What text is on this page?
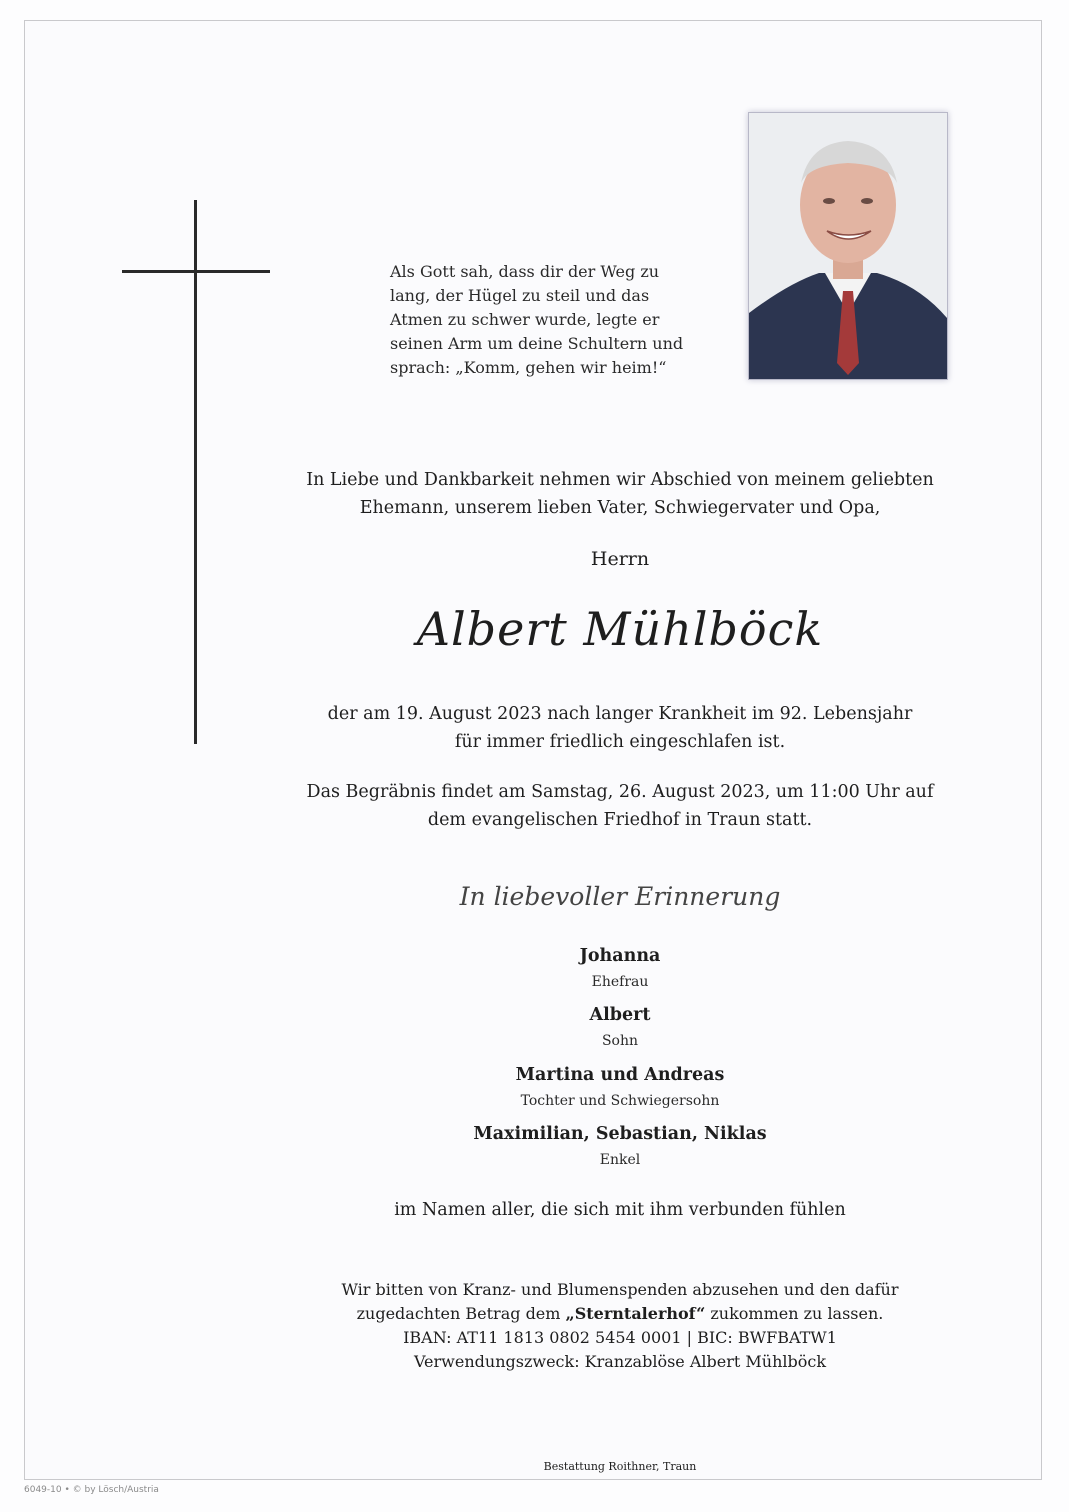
Als Gott sah, dass dir der Weg zu
lang, der Hügel zu steil und das
Atmen zu schwer wurde, legte er
seinen Arm um deine Schultern und
sprach: „Komm, gehen wir heim!“
In Liebe und Dankbarkeit nehmen wir Abschied von meinem geliebten
Ehemann, unserem lieben Vater, Schwiegervater und Opa,
Herrn
Albert Mühlböck
der am 19. August 2023 nach langer Krankheit im 92. Lebensjahr
für immer friedlich eingeschlafen ist.
Das Begräbnis findet am Samstag, 26. August 2023, um 11:00 Uhr auf
dem evangelischen Friedhof in Traun statt.
In liebevoller Erinnerung
Johanna
Ehefrau
Albert
Sohn
Martina und Andreas
Tochter und Schwiegersohn
Maximilian, Sebastian, Niklas
Enkel
im Namen aller, die sich mit ihm verbunden fühlen
Wir bitten von Kranz- und Blumenspenden abzusehen und den dafür
zugedachten Betrag dem „Sterntalerhof“ zukommen zu lassen.
IBAN: AT11 1813 0802 5454 0001 | BIC: BWFBATW1
Verwendungszweck: Kranzablöse Albert Mühlböck
Bestattung Roithner, Traun
6049-10 • © by Lösch/Austria
